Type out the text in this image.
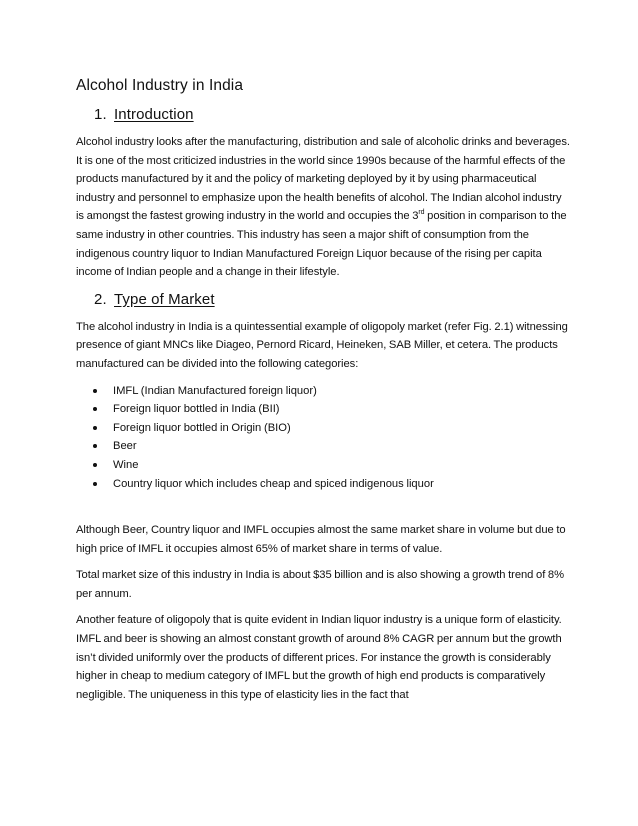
Alcohol Industry in India
1. Introduction

Alcohol industry looks after the manufacturing, distribution and sale of alcoholic drinks and beverages. It is one of the most criticized industries in the world since 1990s because of the harmful effects of the products manufactured by it and the policy of marketing deployed by it by using pharmaceutical industry and personnel to emphasize upon the health benefits of alcohol. The Indian alcohol industry is amongst the fastest growing industry in the world and occupies the 3rd position in comparison to the same industry in other countries. This industry has seen a major shift of consumption from the indigenous country liquor to Indian Manufactured Foreign Liquor because of the rising per capita income of Indian people and a change in their lifestyle.

2. Type of Market

The alcohol industry in India is a quintessential example of oligopoly market (refer Fig. 2.1) witnessing presence of giant MNCs like Diageo, Pernord Ricard, Heineken, SAB Miller, et cetera. The products manufactured can be divided into the following categories:

IMFL (Indian Manufactured foreign liquor)
Foreign liquor bottled in India (BII)
Foreign liquor bottled in Origin (BIO)
Beer
Wine
Country liquor which includes cheap and spiced indigenous liquor

Although Beer, Country liquor and IMFL occupies almost the same market share in volume but due to high price of IMFL it occupies almost 65% of market share in terms of value.

Total market size of this industry in India is about $35 billion and is also showing a growth trend of 8% per annum.

Another feature of oligopoly that is quite evident in Indian liquor industry is a unique form of elasticity. IMFL and beer is showing an almost constant growth of around 8% CAGR per annum but the growth isn’t divided uniformly over the products of different prices. For instance the growth is considerably higher in cheap to medium category of IMFL but the growth of high end products is comparatively negligible. The uniqueness in this type of elasticity lies in the fact that
